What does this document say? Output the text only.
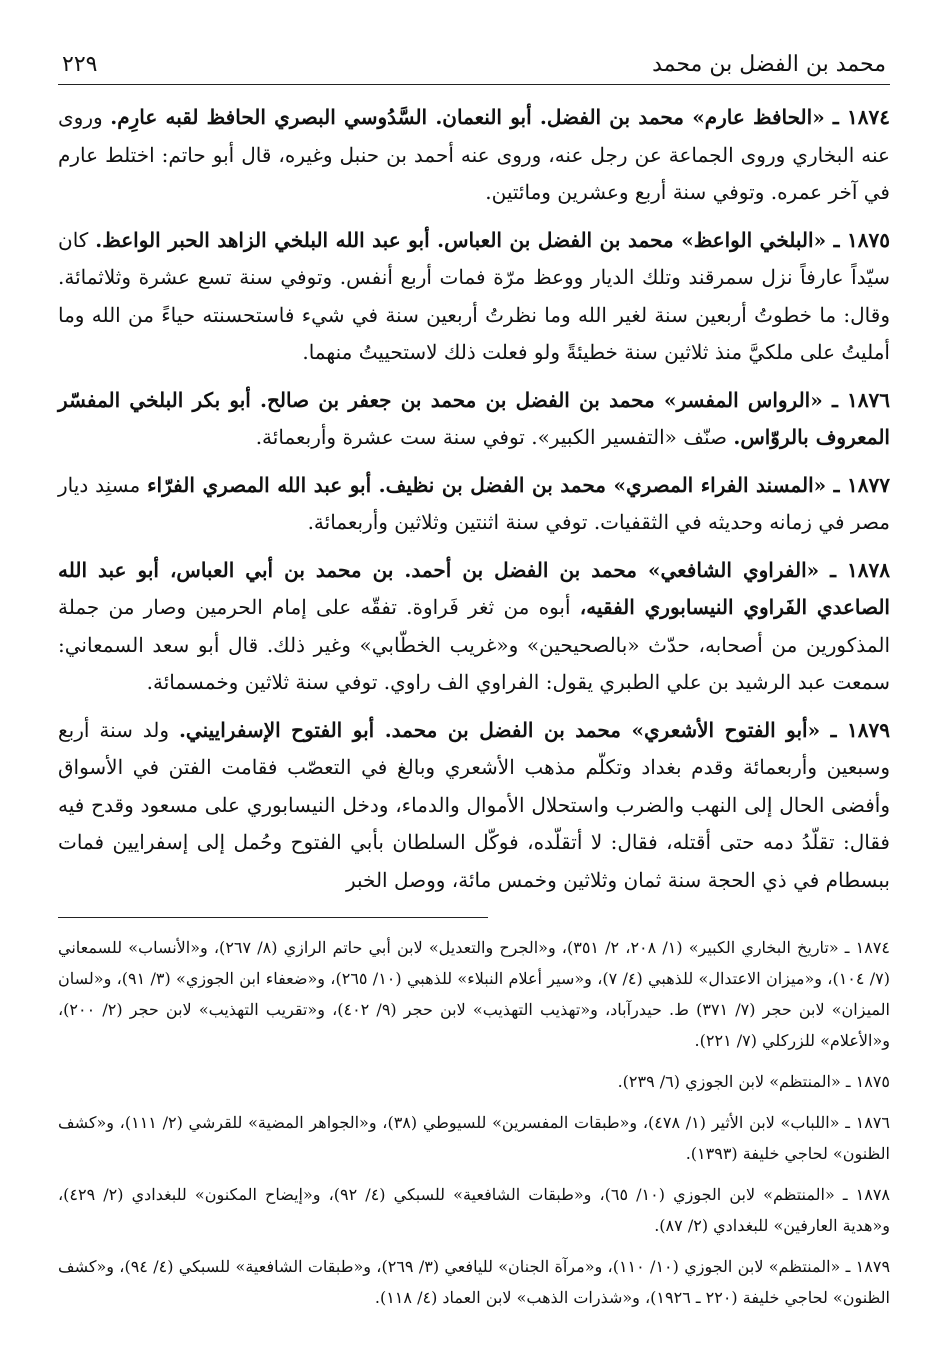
محمد بن الفضل بن محمد
٢٢٩

١٨٧٤ ـ «الحافظ عارم» محمد بن الفضل. أبو النعمان. السَّدُوسي البصري الحافظ لقبه عارِم. وروى عنه البخاري وروى الجماعة عن رجل عنه، وروى عنه أحمد بن حنبل وغيره، قال أبو حاتم: اختلط عارم في آخر عمره. وتوفي سنة أربع وعشرين ومائتين.

١٨٧٥ ـ «البلخي الواعظ» محمد بن الفضل بن العباس. أبو عبد الله البلخي الزاهد الحبر الواعظ. كان سيّداً عارفاً نزل سمرقند وتلك الديار ووعظ مرّة فمات أربع أنفس. وتوفي سنة تسع عشرة وثلاثمائة. وقال: ما خطوتُ أربعين سنة لغير الله وما نظرتُ أربعين سنة في شيء فاستحسنته حياءً من الله وما أمليتُ على ملكيَّ منذ ثلاثين سنة خطيئةً ولو فعلت ذلك لاستحييتُ منهما.

١٨٧٦ ـ «الرواس المفسر» محمد بن الفضل بن محمد بن جعفر بن صالح. أبو بكر البلخي المفسّر المعروف بالروّاس. صنّف «التفسير الكبير». توفي سنة ست عشرة وأربعمائة.

١٨٧٧ ـ «المسند الفراء المصري» محمد بن الفضل بن نظيف. أبو عبد الله المصري الفرّاء مسنِد ديار مصر في زمانه وحديثه في الثقفيات. توفي سنة اثنتين وثلاثين وأربعمائة.

١٨٧٨ ـ «الفراوي الشافعي» محمد بن الفضل بن أحمد. بن محمد بن أبي العباس، أبو عبد الله الصاعدي الفَراوي النيسابوري الفقيه، أبوه من ثغر فَراوة. تفقّه على إمام الحرمين وصار من جملة المذكورين من أصحابه، حدّث «بالصحيحين» و«غريب الخطّابي» وغير ذلك. قال أبو سعد السمعاني: سمعت عبد الرشيد بن علي الطبري يقول: الفراوي الف راوي. توفي سنة ثلاثين وخمسمائة.

١٨٧٩ ـ «أبو الفتوح الأشعري» محمد بن الفضل بن محمد. أبو الفتوح الإسفراييني. ولد سنة أربع وسبعين وأربعمائة وقدم بغداد وتكلّم مذهب الأشعري وبالغ في التعصّب فقامت الفتن في الأسواق وأفضى الحال إلى النهب والضرب واستحلال الأموال والدماء، ودخل النيسابوري على مسعود وقدح فيه فقال: تقلّدُ دمه حتى أقتله، فقال: لا أتقلّده، فوكّل السلطان بأبي الفتوح وحُمل إلى إسفرايين فمات ببسطام في ذي الحجة سنة ثمان وثلاثين وخمس مائة، ووصل الخبر

١٨٧٤ ـ «تاريخ البخاري الكبير» (١/ ٢٠٨، ٢/ ٣٥١)، و«الجرح والتعديل» لابن أبي حاتم الرازي (٨/ ٢٦٧)، و«الأنساب» للسمعاني (٧/ ١٠٤)، و«ميزان الاعتدال» للذهبي (٤/ ٧)، و«سير أعلام النبلاء» للذهبي (١٠/ ٢٦٥)، و«ضعفاء ابن الجوزي» (٣/ ٩١)، و«لسان الميزان» لابن حجر (٧/ ٣٧١) ط. حيدرآباد، و«تهذيب التهذيب» لابن حجر (٩/ ٤٠٢)، و«تقريب التهذيب» لابن حجر (٢/ ٢٠٠)، و«الأعلام» للزركلي (٧/ ٢٢١).

١٨٧٥ ـ «المنتظم» لابن الجوزي (٦/ ٢٣٩).

١٨٧٦ ـ «اللباب» لابن الأثير (١/ ٤٧٨)، و«طبقات المفسرين» للسيوطي (٣٨)، و«الجواهر المضية» للقرشي (٢/ ١١١)، و«كشف الظنون» لحاجي خليفة (١٣٩٣).

١٨٧٨ ـ «المنتظم» لابن الجوزي (١٠/ ٦٥)، و«طبقات الشافعية» للسبكي (٤/ ٩٢)، و«إيضاح المكنون» للبغدادي (٢/ ٤٢٩)، و«هدية العارفين» للبغدادي (٢/ ٨٧).

١٨٧٩ ـ «المنتظم» لابن الجوزي (١٠/ ١١٠)، و«مرآة الجنان» لليافعي (٣/ ٢٦٩)، و«طبقات الشافعية» للسبكي (٤/ ٩٤)، و«كشف الظنون» لحاجي خليفة (٢٢٠ ـ ١٩٢٦)، و«شذرات الذهب» لابن العماد (٤/ ١١٨).
